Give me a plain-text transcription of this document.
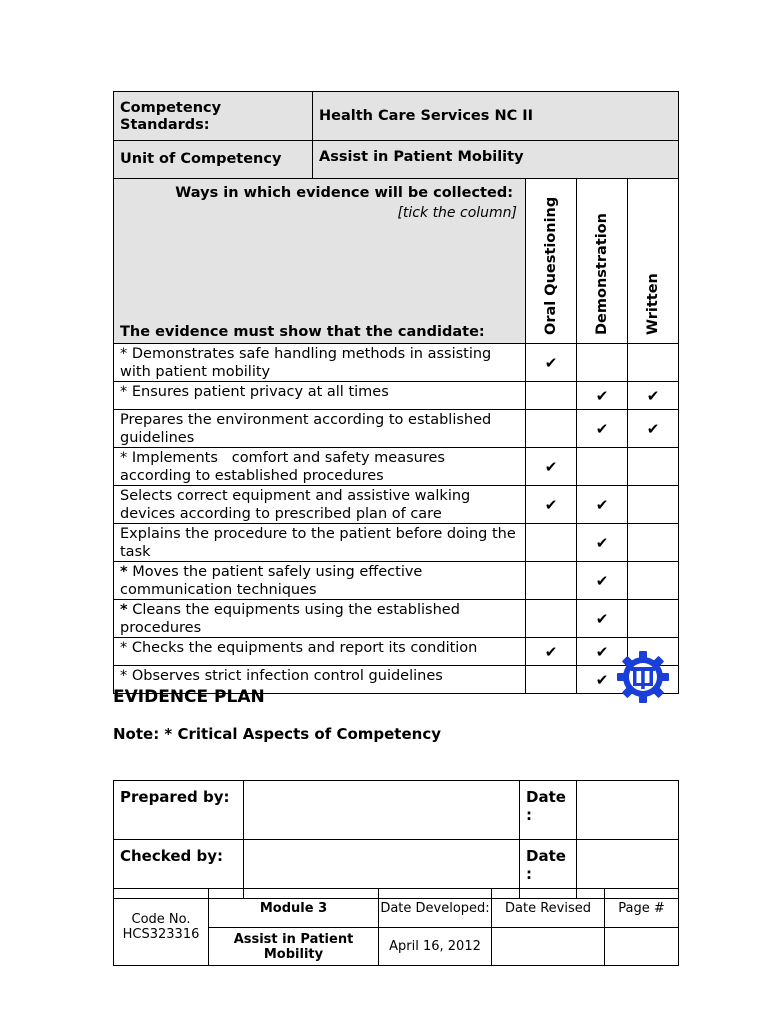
Competency Standards:	Health Care Services NC II			
Unit of Competency	Assist in Patient Mobility			

Ways in which evidence will be collected:
[tick the column]
The evidence must show that the candidate:		Oral Questioning	Demonstration	Written

* Demonstrates safe handling methods in assisting  with patient mobility		✔		
* Ensures patient privacy at all times			✔	✔
Prepares the environment according to established guidelines			✔	✔
* Implements   comfort and safety measures according to established procedures		✔		
Selects correct equipment and assistive walking devices according to prescribed plan of care		✔	✔	
Explains the procedure to the patient before doing the task			✔	
* Moves the patient safely using effective communication techniques			✔	
* Cleans the equipments using the established procedures			✔	
* Checks the equipments and report its condition		✔	✔	
* Observes strict infection control guidelines			✔	
EVIDENCE PLAN
Note: * Critical Aspects of Competency
Prepared by:		Date
:	
Checked by:		Date
:	
Code No.
HCS323316	Module 3	Date Developed:	Date Revised	Page #
	Assist in Patient Mobility	April 16, 2012		
